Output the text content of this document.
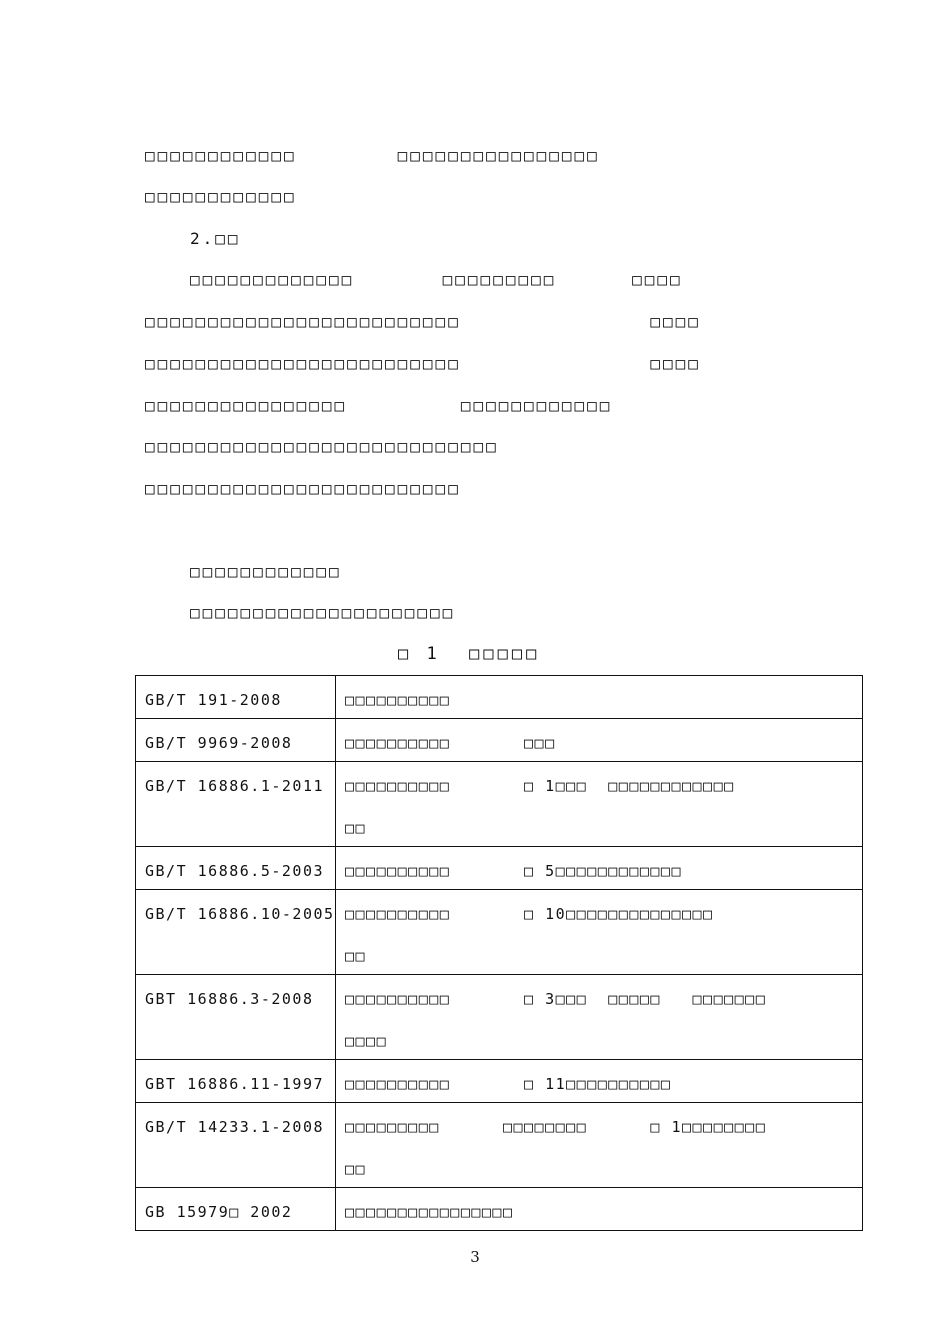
□□□□□□□□□□□□        □□□□□□□□□□□□□□□□
□□□□□□□□□□□□
2.□□
□□□□□□□□□□□□□       □□□□□□□□□      □□□□
□□□□□□□□□□□□□□□□□□□□□□□□□               □□□□
□□□□□□□□□□□□□□□□□□□□□□□□□               □□□□
□□□□□□□□□□□□□□□□         □□□□□□□□□□□□
□□□□□□□□□□□□□□□□□□□□□□□□□□□□
□□□□□□□□□□□□□□□□□□□□□□□□□
□□□□□□□□□□□□
□□□□□□□□□□□□□□□□□□□□□
□ 1  □□□□□
GB/T 191-2008	□□□□□□□□□□
GB/T 9969-2008	□□□□□□□□□□       □□□
GB/T 16886.1-2011	□□□□□□□□□□       □ 1□□□  □□□□□□□□□□□□
□□

GB/T 16886.5-2003	□□□□□□□□□□       □ 5□□□□□□□□□□□□
GB/T 16886.10-2005	□□□□□□□□□□       □ 10□□□□□□□□□□□□□□
□□

GBT 16886.3-2008	□□□□□□□□□□       □ 3□□□  □□□□□   □□□□□□□
□□□□

GBT 16886.11-1997	□□□□□□□□□□       □ 11□□□□□□□□□□
GB/T 14233.1-2008	□□□□□□□□□      □□□□□□□□      □ 1□□□□□□□□
□□

GB 15979□ 2002	□□□□□□□□□□□□□□□□
3
